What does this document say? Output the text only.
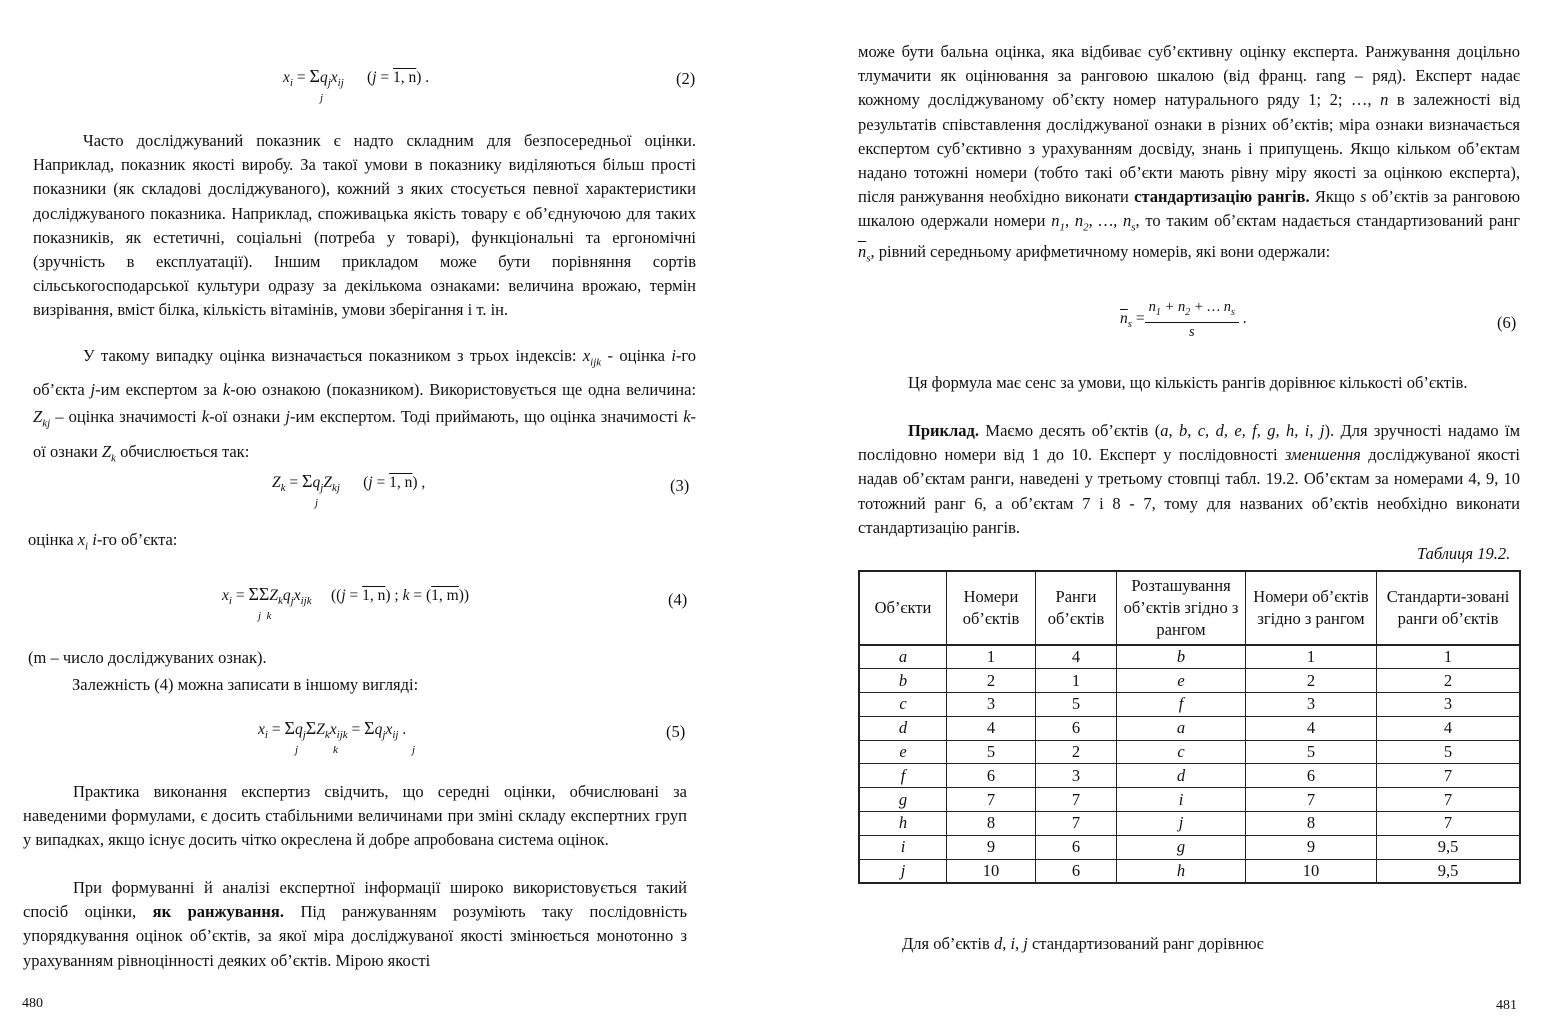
$x_i = \Sigma q_jx_{ij}$ (j = 1, n) .
j
(2)

Часто досліджуваний показник є надто складним для безпосередньої оцінки. Наприклад, показник якості виробу. За такої умови в показнику виділяються більш прості показники (як складові досліджуваного), кожний з яких стосується певної характеристики досліджуваного показника. Наприклад, споживацька якість товару є об’єднуючою для таких показників, як естетичні, соціальні (потреба у товарі), функціональні та ергономічні (зручність в експлуатації). Іншим прикладом може бути порівняння сортів сільськогосподарської культури одразу за декількома ознаками: величина врожаю, термін визрівання, вміст білка, кількість вітамінів, умови зберігання і т. ін.

У такому випадку оцінка визначається показником з трьох індексів: $x_{ijk}$ - оцінка i-го об’єкта j-им експертом за k-ою ознакою (показником). Використовується ще одна величина: $Z_{kj}$ – оцінка значимості k-ої ознаки j-им експертом. Тоді приймають, що оцінка значимості k-ої ознаки $Z_k$ обчислюється так:

$Z_k = \Sigma q_jZ_{kj}$ (j = 1, n) ,
j
(3)

оцінка $x_i$ i-го об’єкта:

$x_i = \Sigma\Sigma Z_kq_jx_{ijk}$ ((j = 1, n) ; k = (1, m))
j  k
(4)

(m – число досліджуваних ознак).

Залежність (4) можна записати в іншому вигляді:

$x_i = \Sigma q_j\Sigma Z_kx_{ijk} = \Sigma q_jx_{ij}$ .
j	k	j
(5)

Практика виконання експертиз свідчить, що середні оцінки, обчислювані за наведеними формулами, є досить стабільними величинами при зміні складу експертних груп у випадках, якщо існує досить чітко окреслена й добре апробована система оцінок.

При формуванні й аналізі експертної інформації широко використовується такий спосіб оцінки, як ранжування. Під ранжуванням розуміють таку послідовність упорядкування оцінок об’єктів, за якої міра досліджуваної якості змінюється монотонно з урахуванням рівноцінності деяких об’єктів. Мірою якості

480

може бути бальна оцінка, яка відбиває суб’єктивну оцінку експерта. Ранжування доцільно тлумачити як оцінювання за ранговою шкалою (від франц. rang – ряд). Експерт надає кожному досліджуваному об’єкту номер натурального ряду 1; 2; …, n в залежності від результатів співставлення досліджуваної ознаки в різних об’єктів; міра ознаки визначається експертом суб’єктивно з урахуванням досвіду, знань і припущень. Якщо кільком об’єктам надано тотожні номери (тобто такі об’єкти мають рівну міру якості за оцінкою експерта), після ранжування необхідно виконати стандартизацію рангів. Якщо s об’єктів за ранговою шкалою одержали номери $n_1$, $n_2$, …, $n_s$, то таким об’єктам надається стандартизований ранг $\overline{n}_s$, рівний середньому арифметичному номерів, які вони одержали:

$\overline{n}_s = \frac{n_1 + n_2 + \dots n_s}{s}$ .	(6)

Ця формула має сенс за умови, що кількість рангів дорівнює кількості об’єктів.

Приклад. Маємо десять об’єктів (a, b, c, d, e, f, g, h, i, j). Для зручності надамо їм послідовно номери від 1 до 10. Експерт у послідовності зменшення досліджуваної якості надав об’єктам ранги, наведені у третьому стовпці табл. 19.2. Об’єктам за номерами 4, 9, 10 тотожний ранг 6, а об’єктам 7 і 8 - 7, тому для названих об’єктів необхідно виконати стандартизацію рангів.

Таблиця 19.2.
Об’єкти	Номери об’єктів	Ранги об’єктів	Розташування об’єктів згідно з рангом	Номери об’єктів згідно з рангом	Стандарти-зовані ранги об’єктів
a	1	4	b	1	1
b	2	1	e	2	2
c	3	5	f	3	3
d	4	6	a	4	4
e	5	2	c	5	5
f	6	3	d	6	7
g	7	7	i	7	7
h	8	7	j	8	7
i	9	6	g	9	9,5
j	10	6	h	10	9,5

Для об’єктів d, i, j стандартизований ранг дорівнює

481
